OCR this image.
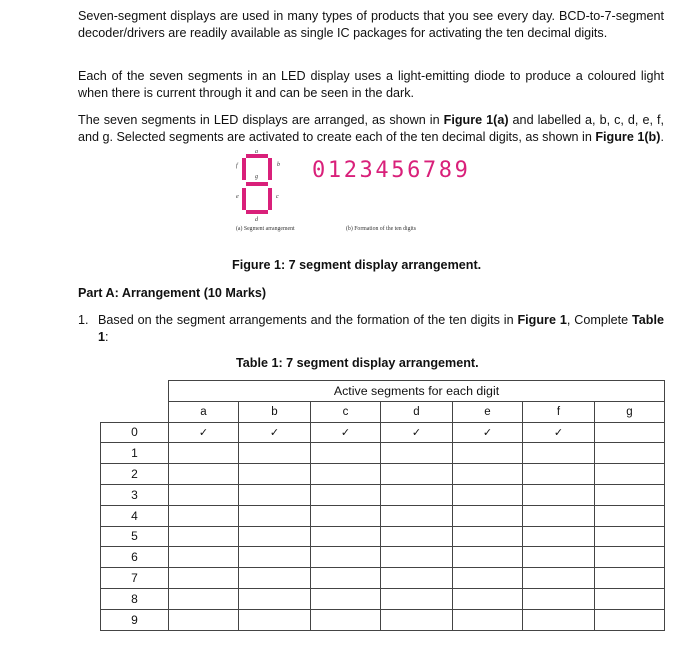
Seven-segment displays are used in many types of products that you see every day. BCD-to-7-segment decoder/drivers are readily available as single IC packages for activating the ten decimal digits.

Each of the seven segments in an LED display uses a light-emitting diode to produce a coloured light when there is current through it and can be seen in the dark.

The seven segments in LED displays are arranged, as shown in Figure 1(a) and labelled a, b, c, d, e, f, and g. Selected segments are activated to create each of the ten decimal digits, as shown in Figure 1(b).

a
b
c
d
e
f
g 0123456789
(a) Segment arrangement	(b) Formation of the ten digits
Figure 1: 7 segment display arrangement.
Part A: Arrangement (10 Marks)
1. Based on the segment arrangements and the formation of the ten digits in Figure 1, Complete Table 1:
Table 1: 7 segment display arrangement.
	Active segments for each digit						
	a	b	c	d	e	f	g
0	✓	✓	✓	✓	✓	✓	
1							
2							
3							
4							
5							
6							
7							
8							
9							
